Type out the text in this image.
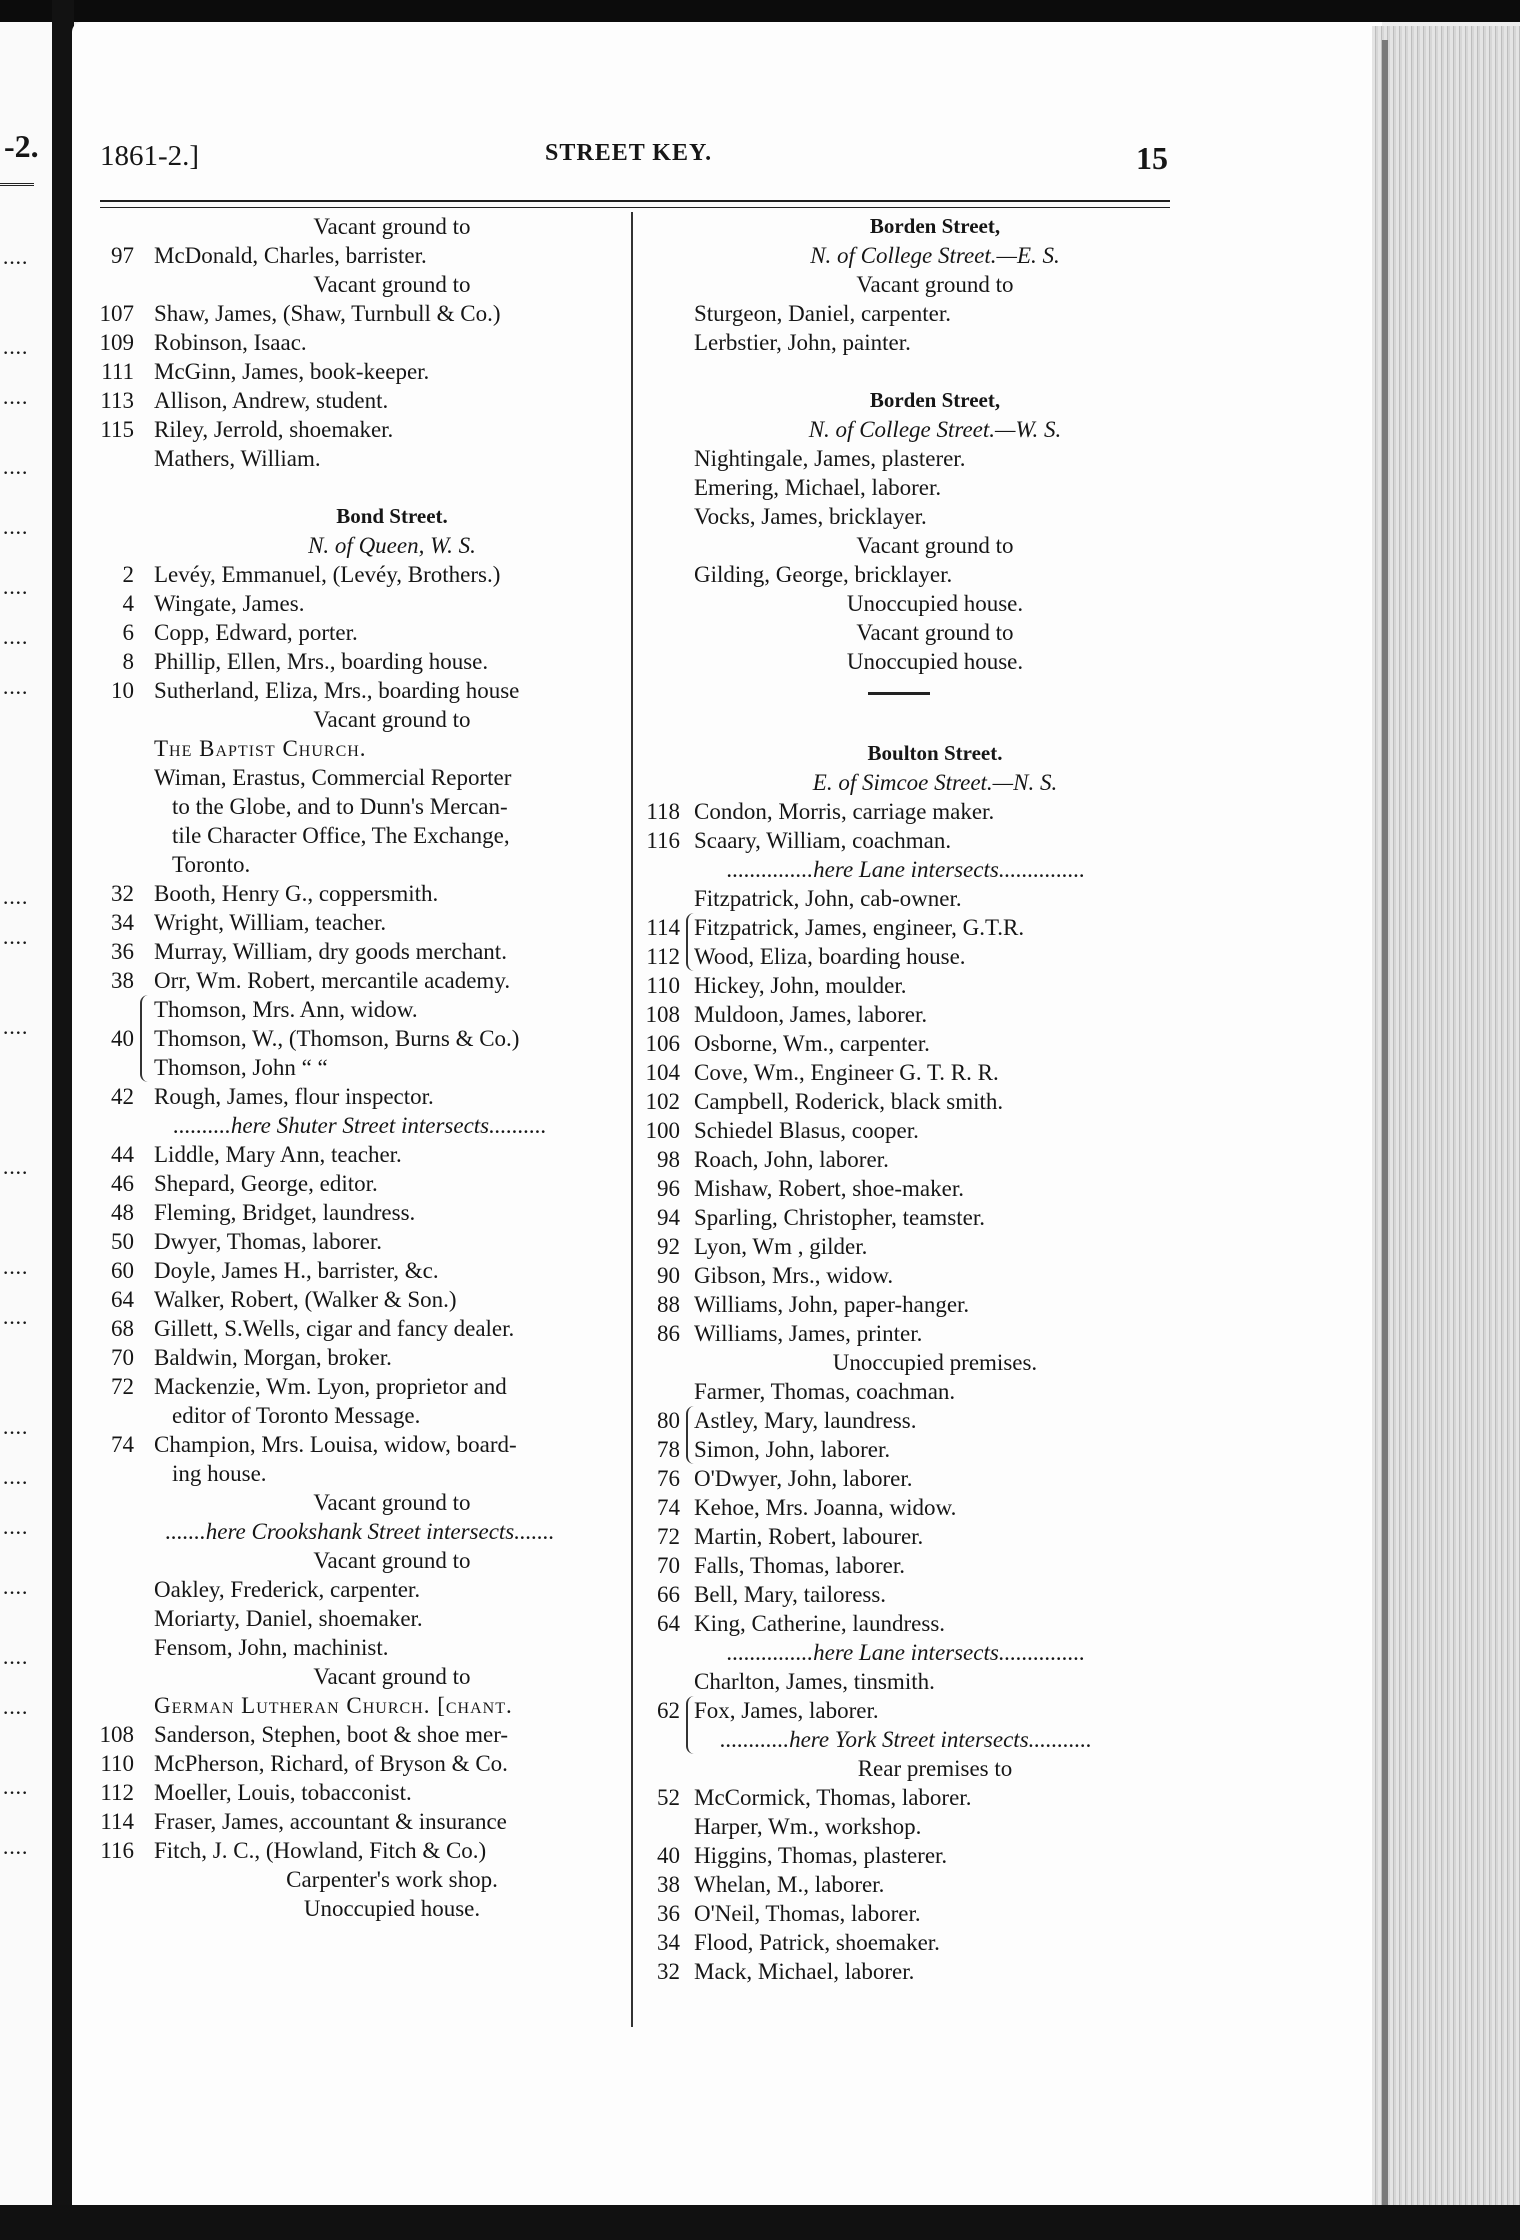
-2.
····
····
····
····
····
····
····
····
····
····
····
····
····
····
····
····
····
····
····
····
····
····
1861-2.]	STREET KEY.	15
Vacant ground to
97 McDonald, Charles, barrister.
Vacant ground to
107 Shaw, James, (Shaw, Turnbull & Co.)
109 Robinson, Isaac.
111 McGinn, James, book-keeper.
113 Allison, Andrew, student.
115 Riley, Jerrold, shoemaker.
Mathers, William.
Bond Street.
N. of Queen, W. S.
2 Levéy, Emmanuel, (Levéy, Brothers.)
4 Wingate, James.
6 Copp, Edward, porter.
8 Phillip, Ellen, Mrs., boarding house.
10 Sutherland, Eliza, Mrs., boarding house
Vacant ground to
The Baptist Church.
Wiman, Erastus, Commercial Reporter
to the Globe, and to Dunn's Mercan-
tile Character Office, The Exchange,
Toronto.
32 Booth, Henry G., coppersmith.
34 Wright, William, teacher.
36 Murray, William, dry goods merchant.
38 Orr, Wm. Robert, mercantile academy.
Thomson, Mrs. Ann, widow.
40 Thomson, W., (Thomson, Burns & Co.)
Thomson, John “ “
42 Rough, James, flour inspector.
..........here Shuter Street intersects..........
44 Liddle, Mary Ann, teacher.
46 Shepard, George, editor.
48 Fleming, Bridget, laundress.
50 Dwyer, Thomas, laborer.
60 Doyle, James H., barrister, &c.
64 Walker, Robert, (Walker & Son.)
68 Gillett, S.Wells, cigar and fancy dealer.
70 Baldwin, Morgan, broker.
72 Mackenzie, Wm. Lyon, proprietor and
editor of Toronto Message.
74 Champion, Mrs. Louisa, widow, board-
ing house.
Vacant ground to
.......here Crookshank Street intersects.......
Vacant ground to
Oakley, Frederick, carpenter.
Moriarty, Daniel, shoemaker.
Fensom, John, machinist.
Vacant ground to
German Lutheran Church. [chant.
108 Sanderson, Stephen, boot & shoe mer-
110 McPherson, Richard, of Bryson & Co.
112 Moeller, Louis, tobacconist.
114 Fraser, James, accountant & insurance
116 Fitch, J. C., (Howland, Fitch & Co.)
Carpenter's work shop.
Unoccupied house.
Borden Street,
N. of College Street.—E. S.
Vacant ground to
Sturgeon, Daniel, carpenter.
Lerbstier, John, painter.
Borden Street,
N. of College Street.—W. S.
Nightingale, James, plasterer.
Emering, Michael, laborer.
Vocks, James, bricklayer.
Vacant ground to
Gilding, George, bricklayer.
Unoccupied house.
Vacant ground to
Unoccupied house.
Boulton Street.
E. of Simcoe Street.—N. S.
118 Condon, Morris, carriage maker.
116 Scaary, William, coachman.
...............here Lane intersects...............
Fitzpatrick, John, cab-owner.
114 Fitzpatrick, James, engineer, G.T.R.
112 Wood, Eliza, boarding house.
110 Hickey, John, moulder.
108 Muldoon, James, laborer.
106 Osborne, Wm., carpenter.
104 Cove, Wm., Engineer G. T. R. R.
102 Campbell, Roderick, black smith.
100 Schiedel Blasus, cooper.
98 Roach, John, laborer.
96 Mishaw, Robert, shoe-maker.
94 Sparling, Christopher, teamster.
92 Lyon, Wm , gilder.
90 Gibson, Mrs., widow.
88 Williams, John, paper-hanger.
86 Williams, James, printer.
Unoccupied premises.
Farmer, Thomas, coachman.
80 Astley, Mary, laundress.
78 Simon, John, laborer.
76 O'Dwyer, John, laborer.
74 Kehoe, Mrs. Joanna, widow.
72 Martin, Robert, labourer.
70 Falls, Thomas, laborer.
66 Bell, Mary, tailoress.
64 King, Catherine, laundress.
...............here Lane intersects...............
Charlton, James, tinsmith.
62 Fox, James, laborer.
............here York Street intersects...........
Rear premises to
52 McCormick, Thomas, laborer.
Harper, Wm., workshop.
40 Higgins, Thomas, plasterer.
38 Whelan, M., laborer.
36 O'Neil, Thomas, laborer.
34 Flood, Patrick, shoemaker.
32 Mack, Michael, laborer.
